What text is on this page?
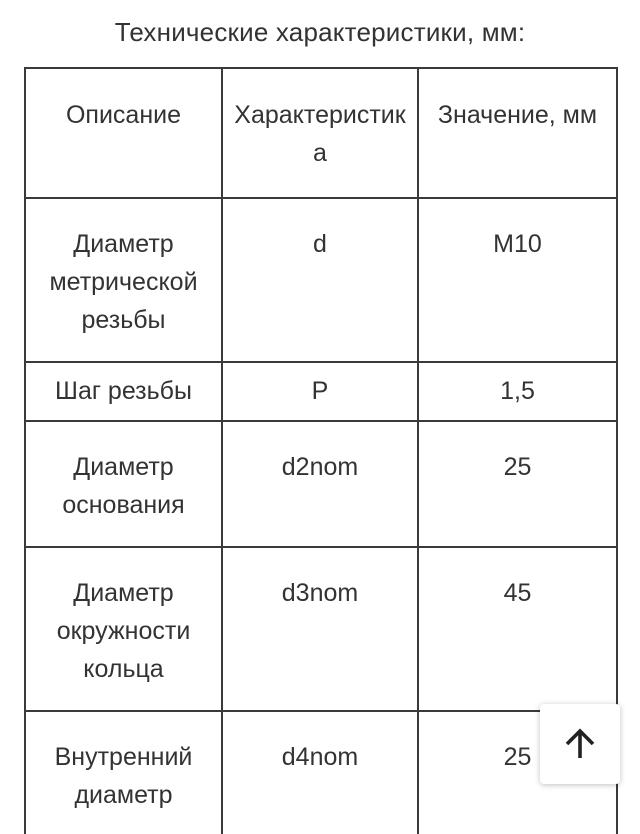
Технические характеристики, мм:
Описание	Характеристика	Значение, мм
Диаметр метрической резьбы	d	M10
Шаг резьбы	P	1,5
Диаметр основания	d2nom	25
Диаметр окружности кольца	d3nom	45
Внутренний диаметр	d4nom	25
